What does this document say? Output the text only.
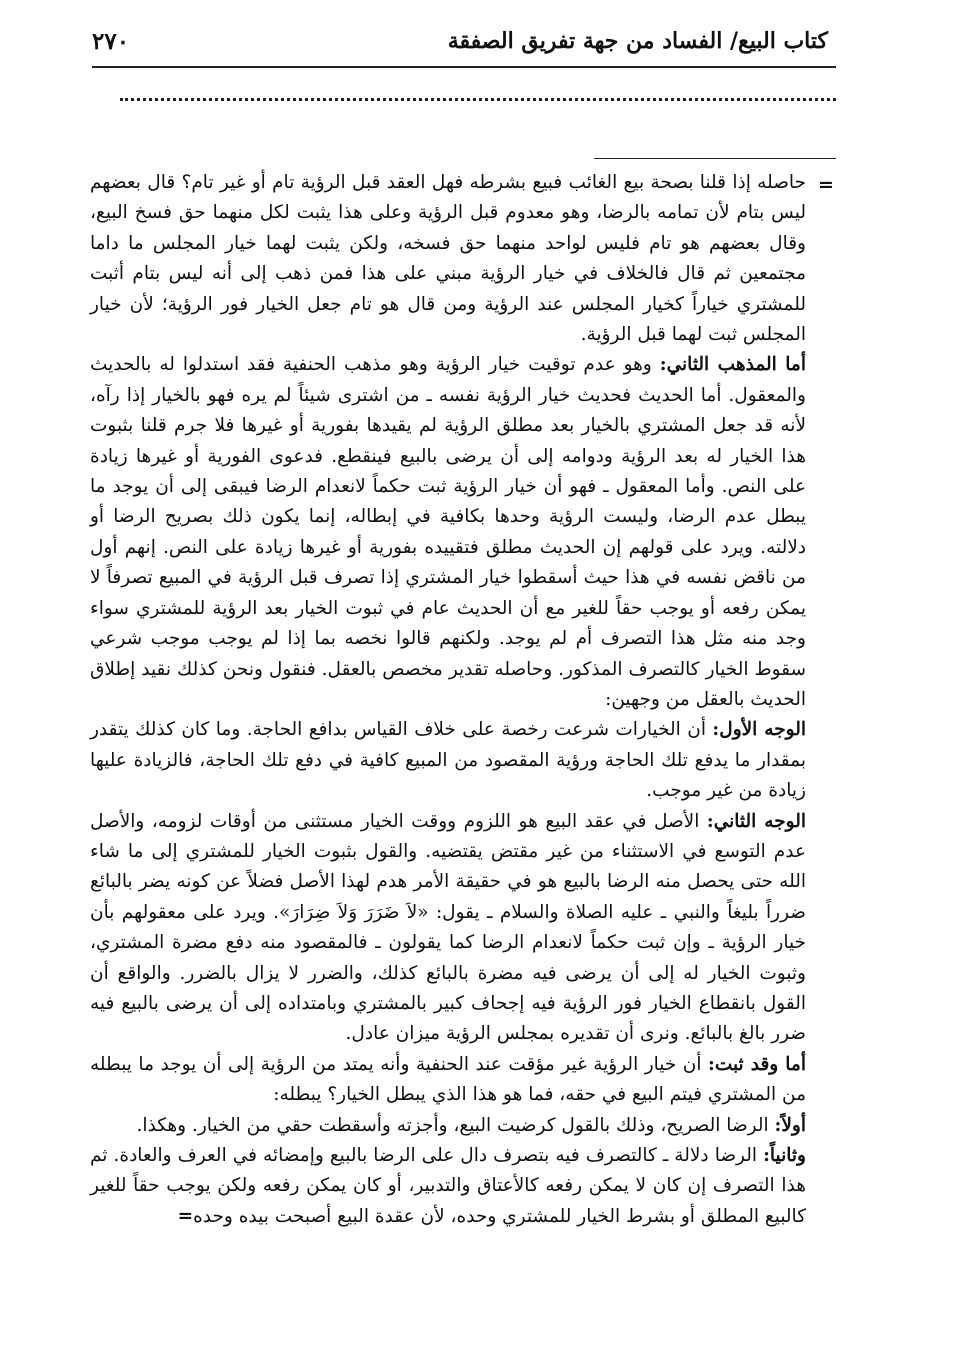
٢٧٠	كتاب البيع/ الفساد من جهة تفريق الصفقة
=

حاصله إذا قلنا بصحة بيع الغائب فبيع بشرطه فهل العقد قبل الرؤية تام أو غير تام؟ قال بعضهم ليس بتام لأن تمامه بالرضا، وهو معدوم قبل الرؤية وعلى هذا يثبت لكل منهما حق فسخ البيع، وقال بعضهم هو تام فليس لواحد منهما حق فسخه، ولكن يثبت لهما خيار المجلس ما داما مجتمعين ثم قال فالخلاف في خيار الرؤية مبني على هذا فمن ذهب إلى أنه ليس بتام أثبت للمشتري خياراً كخيار المجلس عند الرؤية ومن قال هو تام جعل الخيار فور الرؤية؛ لأن خيار المجلس ثبت لهما قبل الرؤية.

أما المذهب الثاني: وهو عدم توقيت خيار الرؤية وهو مذهب الحنفية فقد استدلوا له بالحديث والمعقول. أما الحديث فحديث خيار الرؤية نفسه ـ من اشترى شيئاً لم يره فهو بالخيار إذا رآه، لأنه قد جعل المشتري بالخيار بعد مطلق الرؤية لم يقيدها بفورية أو غيرها فلا جرم قلنا بثبوت هذا الخيار له بعد الرؤية ودوامه إلى أن يرضى بالبيع فينقطع. فدعوى الفورية أو غيرها زيادة على النص. وأما المعقول ـ فهو أن خيار الرؤية ثبت حكماً لانعدام الرضا فيبقى إلى أن يوجد ما يبطل عدم الرضا، وليست الرؤية وحدها بكافية في إبطاله، إنما يكون ذلك بصريح الرضا أو دلالته. ويرد على قولهم إن الحديث مطلق فتقييده بفورية أو غيرها زيادة على النص. إنهم أول من ناقض نفسه في هذا حيث أسقطوا خيار المشتري إذا تصرف قبل الرؤية في المبيع تصرفاً لا يمكن رفعه أو يوجب حقاً للغير مع أن الحديث عام في ثبوت الخيار بعد الرؤية للمشتري سواء وجد منه مثل هذا التصرف أم لم يوجد. ولكنهم قالوا نخصه بما إذا لم يوجب موجب شرعي سقوط الخيار كالتصرف المذكور. وحاصله تقدير مخصص بالعقل. فنقول ونحن كذلك نقيد إطلاق الحديث بالعقل من وجهين:

الوجه الأول: أن الخيارات شرعت رخصة على خلاف القياس بدافع الحاجة. وما كان كذلك يتقدر بمقدار ما يدفع تلك الحاجة ورؤية المقصود من المبيع كافية في دفع تلك الحاجة، فالزيادة عليها زيادة من غير موجب.

الوجه الثاني: الأصل في عقد البيع هو اللزوم ووقت الخيار مستثنى من أوقات لزومه، والأصل عدم التوسع في الاستثناء من غير مقتض يقتضيه. والقول بثبوت الخيار للمشتري إلى ما شاء الله حتى يحصل منه الرضا بالبيع هو في حقيقة الأمر هدم لهذا الأصل فضلاً عن كونه يضر بالبائع ضرراً بليغاً والنبي ـ عليه الصلاة والسلام ـ يقول: «لاَ ضَرَرَ وَلاَ ضِرَارَ». ويرد على معقولهم بأن خيار الرؤية ـ وإن ثبت حكماً لانعدام الرضا كما يقولون ـ فالمقصود منه دفع مضرة المشتري، وثبوت الخيار له إلى أن يرضى فيه مضرة بالبائع كذلك، والضرر لا يزال بالضرر. والواقع أن القول بانقطاع الخيار فور الرؤية فيه إجحاف كبير بالمشتري وبامتداده إلى أن يرضى بالبيع فيه ضرر بالغ بالبائع. ونرى أن تقديره بمجلس الرؤية ميزان عادل.

أما وقد ثبت: أن خيار الرؤية غير مؤقت عند الحنفية وأنه يمتد من الرؤية إلى أن يوجد ما يبطله من المشتري فيتم البيع في حقه، فما هو هذا الذي يبطل الخيار؟ يبطله:

أولاً: الرضا الصريح، وذلك بالقول كرضيت البيع، وأجزته وأسقطت حقي من الخيار. وهكذا.

وثانياً: الرضا دلالة ـ كالتصرف فيه بتصرف دال على الرضا بالبيع وإمضائه في العرف والعادة. ثم هذا التصرف إن كان لا يمكن رفعه كالأعتاق والتدبير، أو كان يمكن رفعه ولكن يوجب حقاً للغير كالبيع المطلق أو بشرط الخيار للمشتري وحده، لأن عقدة البيع أصبحت بيده وحده=
